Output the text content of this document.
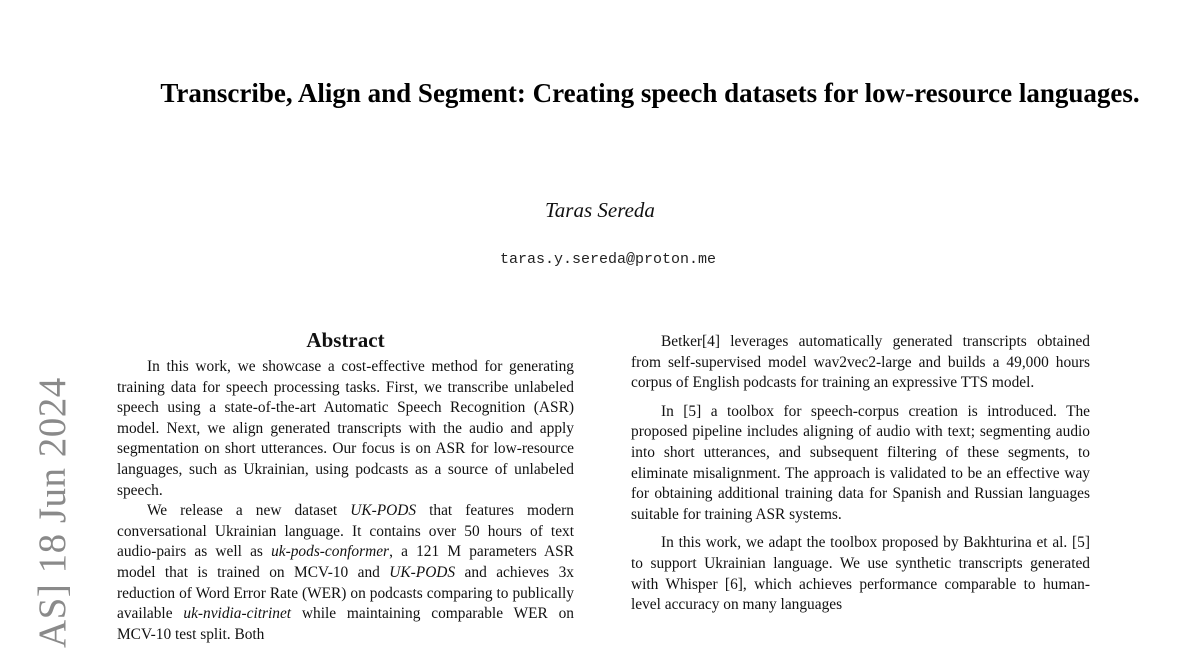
Transcribe, Align and Segment: Creating speech datasets for low-resource languages.
Taras Sereda
taras.y.sereda@proton.me
AS] 18 Jun 2024
Abstract

In this work, we showcase a cost-effective method for generating training data for speech processing tasks. First, we transcribe unlabeled speech using a state-of-the-art Automatic Speech Recognition (ASR) model. Next, we align generated transcripts with the audio and apply segmentation on short utterances. Our focus is on ASR for low-resource languages, such as Ukrainian, using podcasts as a source of unlabeled speech.

We release a new dataset UK-PODS that features modern conversational Ukrainian language. It contains over 50 hours of text audio-pairs as well as uk-pods-conformer, a 121 M parameters ASR model that is trained on MCV-10 and UK-PODS and achieves 3x reduction of Word Error Rate (WER) on podcasts comparing to publically available uk-nvidia-citrinet while maintaining comparable WER on MCV-10 test split. Both

Betker[4] leverages automatically generated transcripts obtained from self-supervised model wav2vec2-large and builds a 49,000 hours corpus of English podcasts for training an expressive TTS model.

In [5] a toolbox for speech-corpus creation is introduced. The proposed pipeline includes aligning of audio with text; segmenting audio into short utterances, and subsequent filtering of these segments, to eliminate misalignment. The approach is validated to be an effective way for obtaining additional training data for Spanish and Russian languages suitable for training ASR systems.

In this work, we adapt the toolbox proposed by Bakhturina et al. [5] to support Ukrainian language. We use synthetic transcripts generated with Whisper [6], which achieves performance comparable to human-level accuracy on many languages
